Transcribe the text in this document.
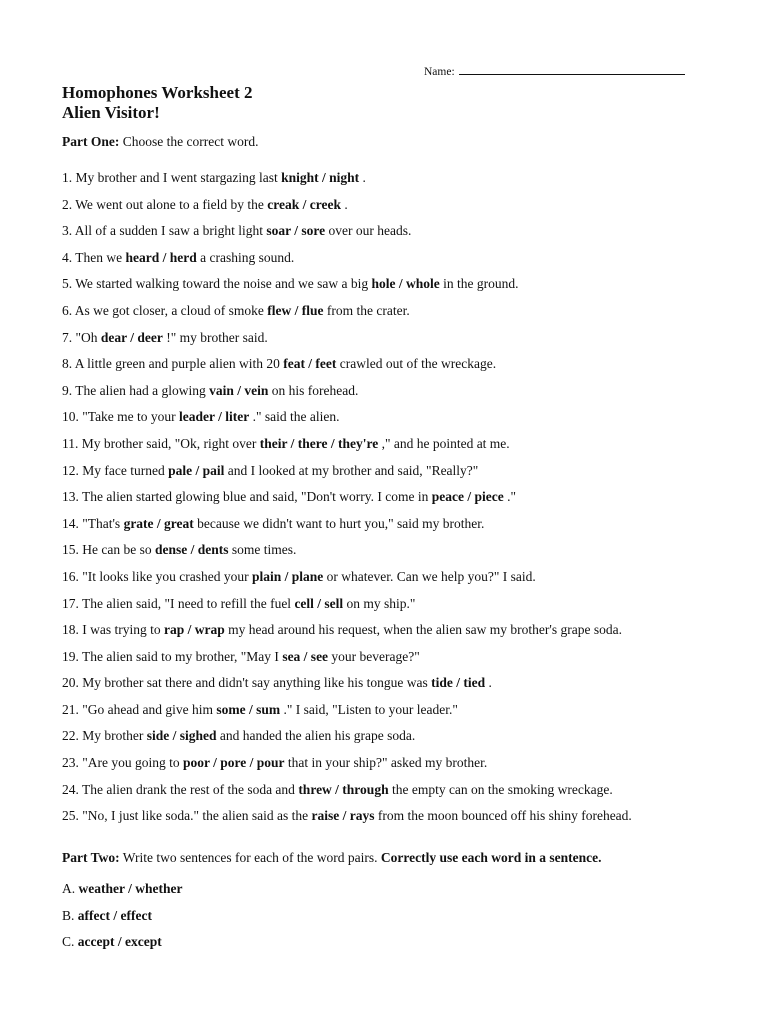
Name:
Homophones Worksheet 2
Alien Visitor!
Part One: Choose the correct word.
1. My brother and I went stargazing last knight / night .
2. We went out alone to a field by the creak / creek .
3. All of a sudden I saw a bright light soar / sore over our heads.
4. Then we heard / herd a crashing sound.
5. We started walking toward the noise and we saw a big hole / whole in the ground.
6. As we got closer, a cloud of smoke flew / flue from the crater.
7. "Oh dear / deer !" my brother said.
8. A little green and purple alien with 20 feat / feet crawled out of the wreckage.
9. The alien had a glowing vain / vein on his forehead.
10. "Take me to your leader / liter ." said the alien.
11. My brother said, "Ok, right over their / there / they're ," and he pointed at me.
12. My face turned pale / pail and I looked at my brother and said, "Really?"
13. The alien started glowing blue and said, "Don't worry. I come in peace / piece ."
14. "That's grate / great because we didn't want to hurt you," said my brother.
15. He can be so dense / dents some times.
16. "It looks like you crashed your plain / plane or whatever. Can we help you?" I said.
17. The alien said, "I need to refill the fuel cell / sell on my ship."
18. I was trying to rap / wrap my head around his request, when the alien saw my brother's grape soda.
19. The alien said to my brother, "May I sea / see your beverage?"
20. My brother sat there and didn't say anything like his tongue was tide / tied .
21. "Go ahead and give him some / sum ." I said, "Listen to your leader."
22. My brother side / sighed and handed the alien his grape soda.
23. "Are you going to poor / pore / pour that in your ship?" asked my brother.
24. The alien drank the rest of the soda and threw / through the empty can on the smoking wreckage.
25. "No, I just like soda." the alien said as the raise / rays from the moon bounced off his shiny forehead.
Part Two: Write two sentences for each of the word pairs. Correctly use each word in a sentence.
A. weather / whether
B. affect / effect
C. accept / except
